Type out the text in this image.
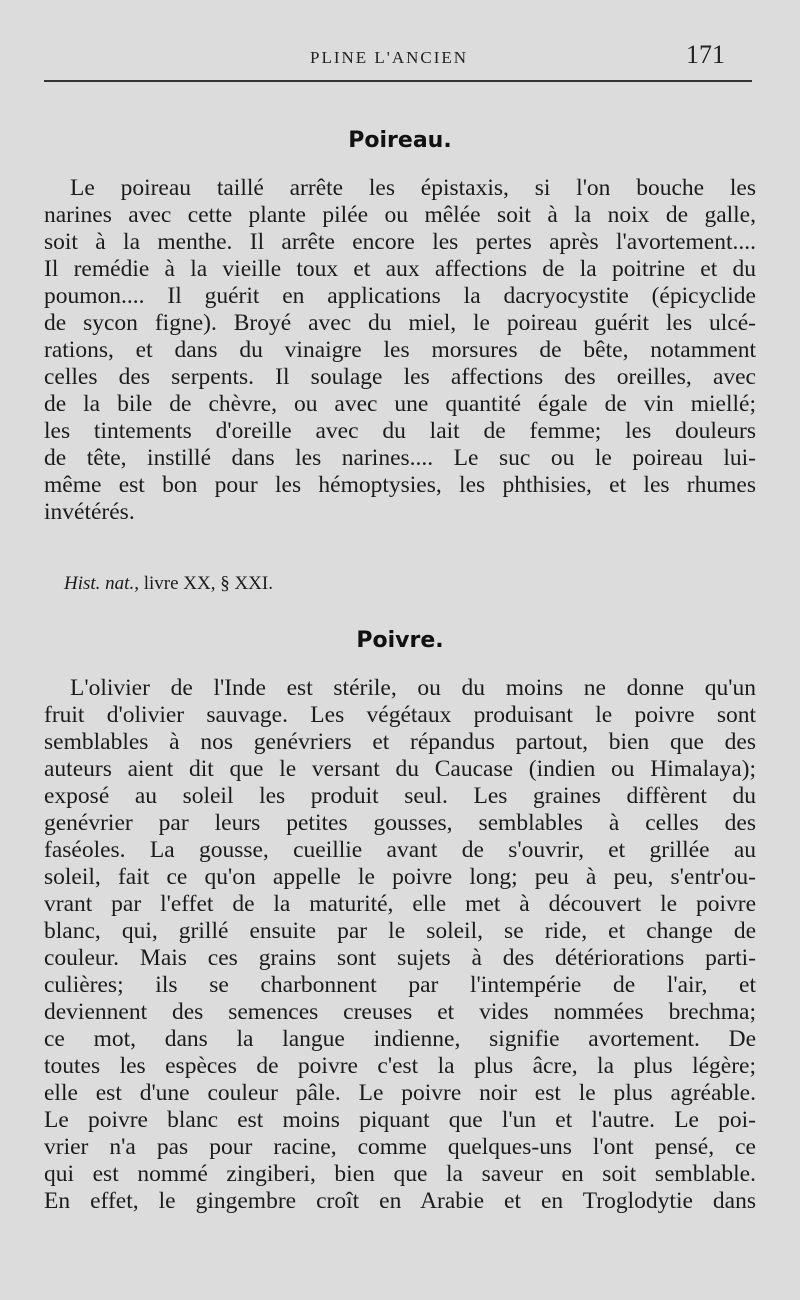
PLINE L'ANCIEN	171
Poireau.
Le poireau taillé arrête les épistaxis, si l'on bouche les
narines avec cette plante pilée ou mêlée soit à la noix de galle,
soit à la menthe. Il arrête encore les pertes après l'avortement....
Il remédie à la vieille toux et aux affections de la poitrine et du
poumon.... Il guérit en applications la dacryocystite (épicyclide
de sycon figne). Broyé avec du miel, le poireau guérit les ulcé-
rations, et dans du vinaigre les morsures de bête, notamment
celles des serpents. Il soulage les affections des oreilles, avec
de la bile de chèvre, ou avec une quantité égale de vin miellé;
les tintements d'oreille avec du lait de femme; les douleurs
de tête, instillé dans les narines.... Le suc ou le poireau lui-
même est bon pour les hémoptysies, les phthisies, et les rhumes
invétérés.
Hist. nat., livre XX, § XXI.
Poivre.
L'olivier de l'Inde est stérile, ou du moins ne donne qu'un
fruit d'olivier sauvage. Les végétaux produisant le poivre sont
semblables à nos genévriers et répandus partout, bien que des
auteurs aient dit que le versant du Caucase (indien ou Himalaya);
exposé au soleil les produit seul. Les graines diffèrent du
genévrier par leurs petites gousses, semblables à celles des
faséoles. La gousse, cueillie avant de s'ouvrir, et grillée au
soleil, fait ce qu'on appelle le poivre long; peu à peu, s'entr'ou-
vrant par l'effet de la maturité, elle met à découvert le poivre
blanc, qui, grillé ensuite par le soleil, se ride, et change de
couleur. Mais ces grains sont sujets à des détériorations parti-
culières; ils se charbonnent par l'intempérie de l'air, et
deviennent des semences creuses et vides nommées brechma;
ce mot, dans la langue indienne, signifie avortement. De
toutes les espèces de poivre c'est la plus âcre, la plus légère;
elle est d'une couleur pâle. Le poivre noir est le plus agréable.
Le poivre blanc est moins piquant que l'un et l'autre. Le poi-
vrier n'a pas pour racine, comme quelques-uns l'ont pensé, ce
qui est nommé zingiberi, bien que la saveur en soit semblable.
En effet, le gingembre croît en Arabie et en Troglodytie dans
